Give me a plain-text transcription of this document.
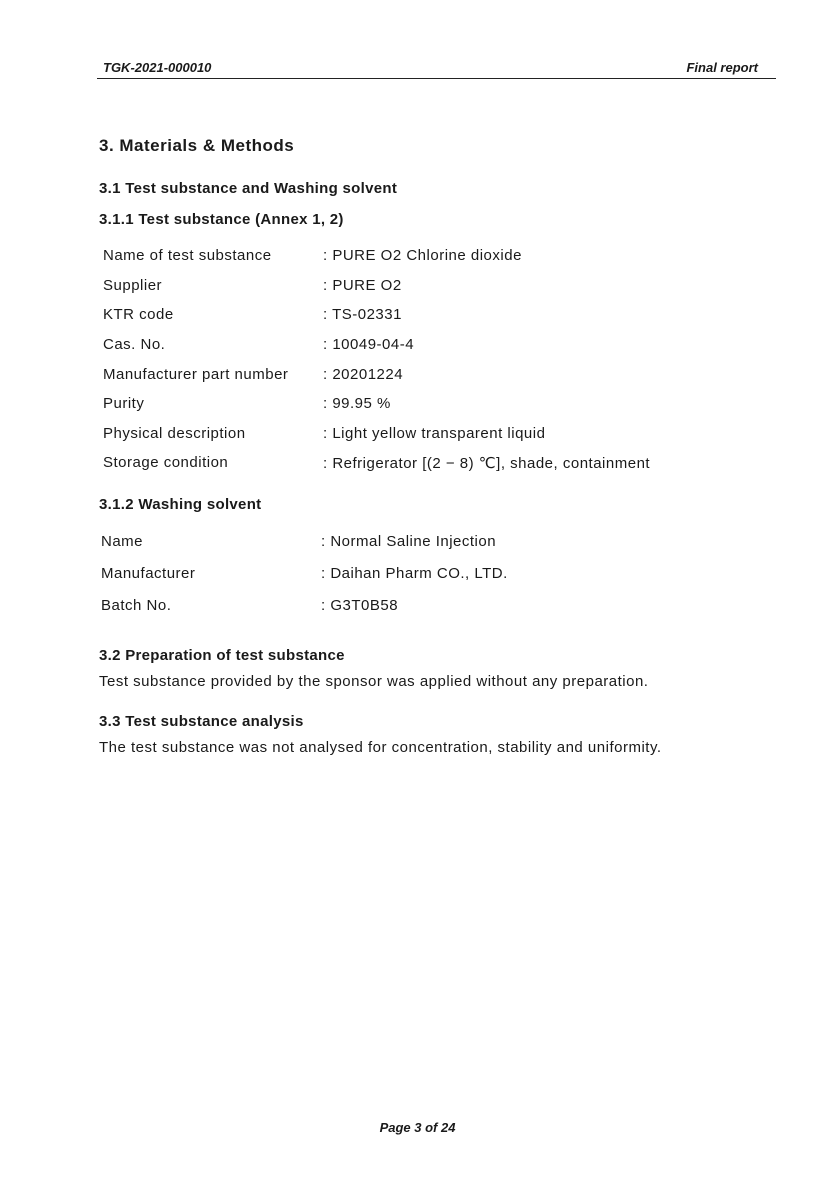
TGK-2021-000010	Final report
3. Materials & Methods
3.1 Test substance and Washing solvent
3.1.1 Test substance (Annex 1, 2)
Name of test substance	: PURE O2 Chlorine dioxide
Supplier	: PURE O2
KTR code	: TS-02331
Cas. No.	: 10049-04-4
Manufacturer part number : 20201224
Purity	: 99.95 %
Physical description	: Light yellow transparent liquid
Storage condition	: Refrigerator [(2 − 8) ℃], shade, containment
3.1.2 Washing solvent
Name	: Normal Saline Injection
Manufacturer	: Daihan Pharm CO., LTD.
Batch No.	: G3T0B58
3.2 Preparation of test substance
Test substance provided by the sponsor was applied without any preparation.
3.3 Test substance analysis
The test substance was not analysed for concentration, stability and uniformity.
Page 3 of 24
